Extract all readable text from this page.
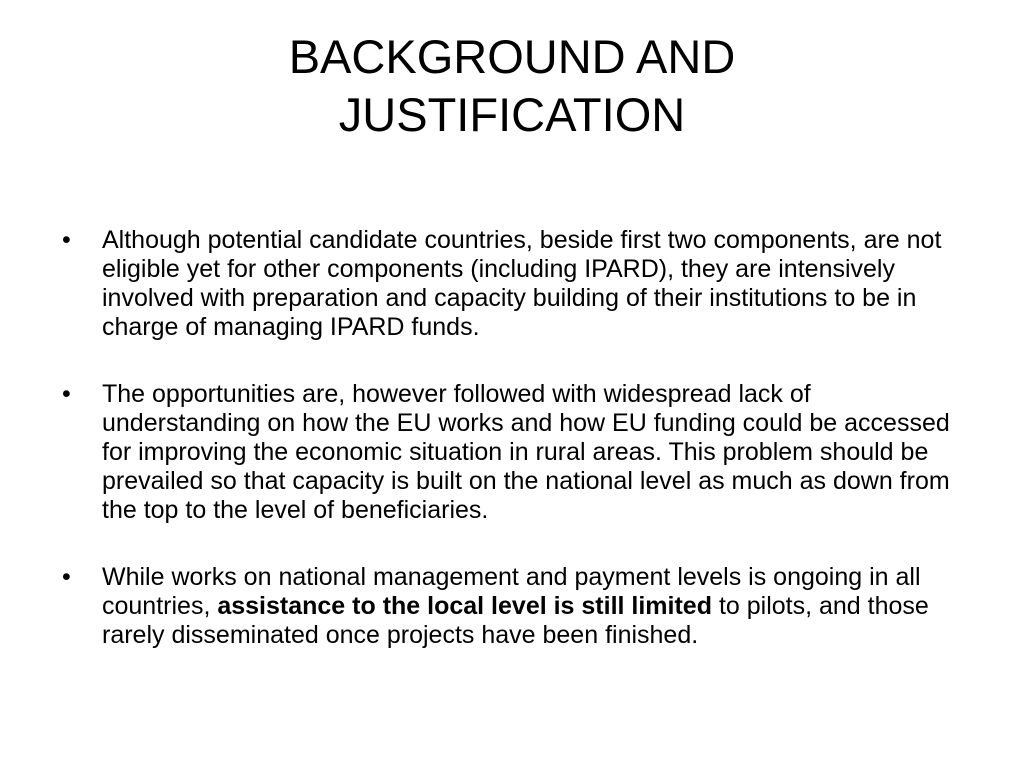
BACKGROUND AND
JUSTIFICATION
• Although potential candidate countries, beside first two components, are not eligible yet for other components (including IPARD), they are intensively involved with preparation and capacity building of their institutions to be in charge of managing IPARD funds.
• The opportunities are, however followed with widespread lack of understanding on how the EU works and how EU funding could be accessed for improving the economic situation in rural areas. This problem should be prevailed so that capacity is built on the national level as much as down from the top to the level of beneficiaries.
• While works on national management and payment levels is ongoing in all countries, assistance to the local level is still limited to pilots, and those rarely disseminated once projects have been finished.
